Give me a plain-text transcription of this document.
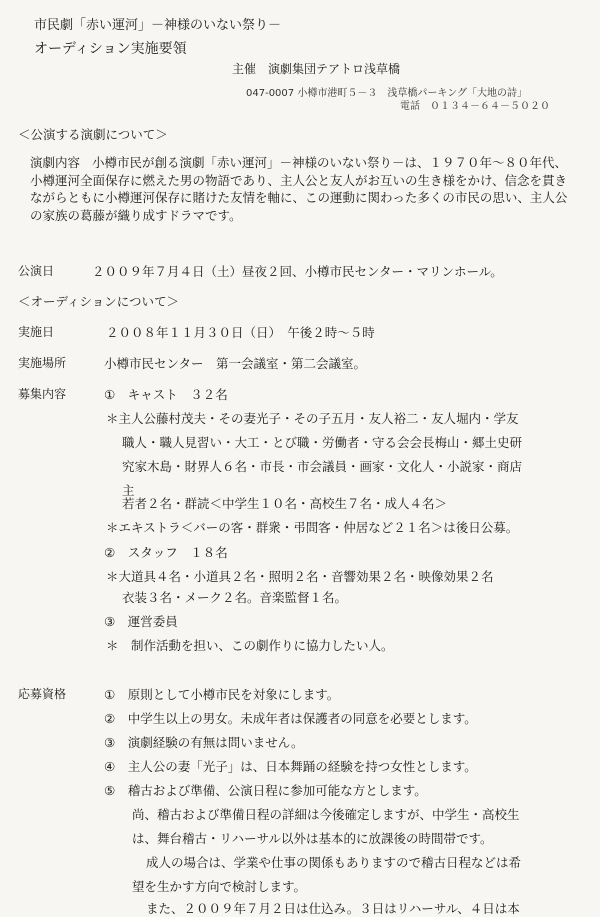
市民劇「赤い運河」－神様のいない祭り－
オーディション実施要領
主催　演劇集団テアトロ浅草橋
047-0007 小樽市港町５－３　浅草橋パーキング「大地の詩」
電話　０１３４－６４－５０２０
＜公演する演劇について＞
演劇内容 小樽市民が創る演劇「赤い運河」－神様のいない祭り－は、１９７０年～８０年代、小樽運河全面保存に燃えた男の物語であり、主人公と友人がお互いの生き様をかけ、信念を貫きながらともに小樽運河保存に賭けた友情を軸に、この運動に関わった多くの市民の思い、主人公の家族の葛藤が織り成すドラマです。
公演日	２００９年７月４日（土）昼夜２回、小樽市民センター・マリンホール。
＜オーディションについて＞
実施日	２００８年１１月３０日（日）　午後２時～５時
実施場所	小樽市民センター　第一会議室・第二会議室。
募集内容	①　キャスト　３２名
＊主人公藤村茂夫・その妻光子・その子五月・友人裕二・友人堀内・学友
職人・職人見習い・大工・とび職・労働者・守る会会長梅山・郷土史研
究家木島・財界人６名・市長・市会議員・画家・文化人・小説家・商店
主
若者２名・群読＜中学生１０名・高校生７名・成人４名＞
＊エキストラ＜バーの客・群衆・弔問客・仲居など２１名＞は後日公募。
②　スタッフ　１８名
＊大道具４名・小道具２名・照明２名・音響効果２名・映像効果２名
衣装３名・メーク２名。音楽監督１名。
③　運営委員
＊　制作活動を担い、この劇作りに協力したい人。
応募資格	①　原則として小樽市民を対象にします。
②　中学生以上の男女。未成年者は保護者の同意を必要とします。
③　演劇経験の有無は問いません。
④　主人公の妻「光子」は、日本舞踊の経験を持つ女性とします。
⑤　稽古および準備、公演日程に参加可能な方とします。
尚、稽古および準備日程の詳細は今後確定しますが、中学生・高校生
は、舞台稽古・リハーサル以外は基本的に放課後の時間帯です。
成人の場合は、学業や仕事の関係もありますので稽古日程などは希
望を生かす方向で検討します。
また、２００９年７月２日は仕込み。３日はリハーサル、４日は本
